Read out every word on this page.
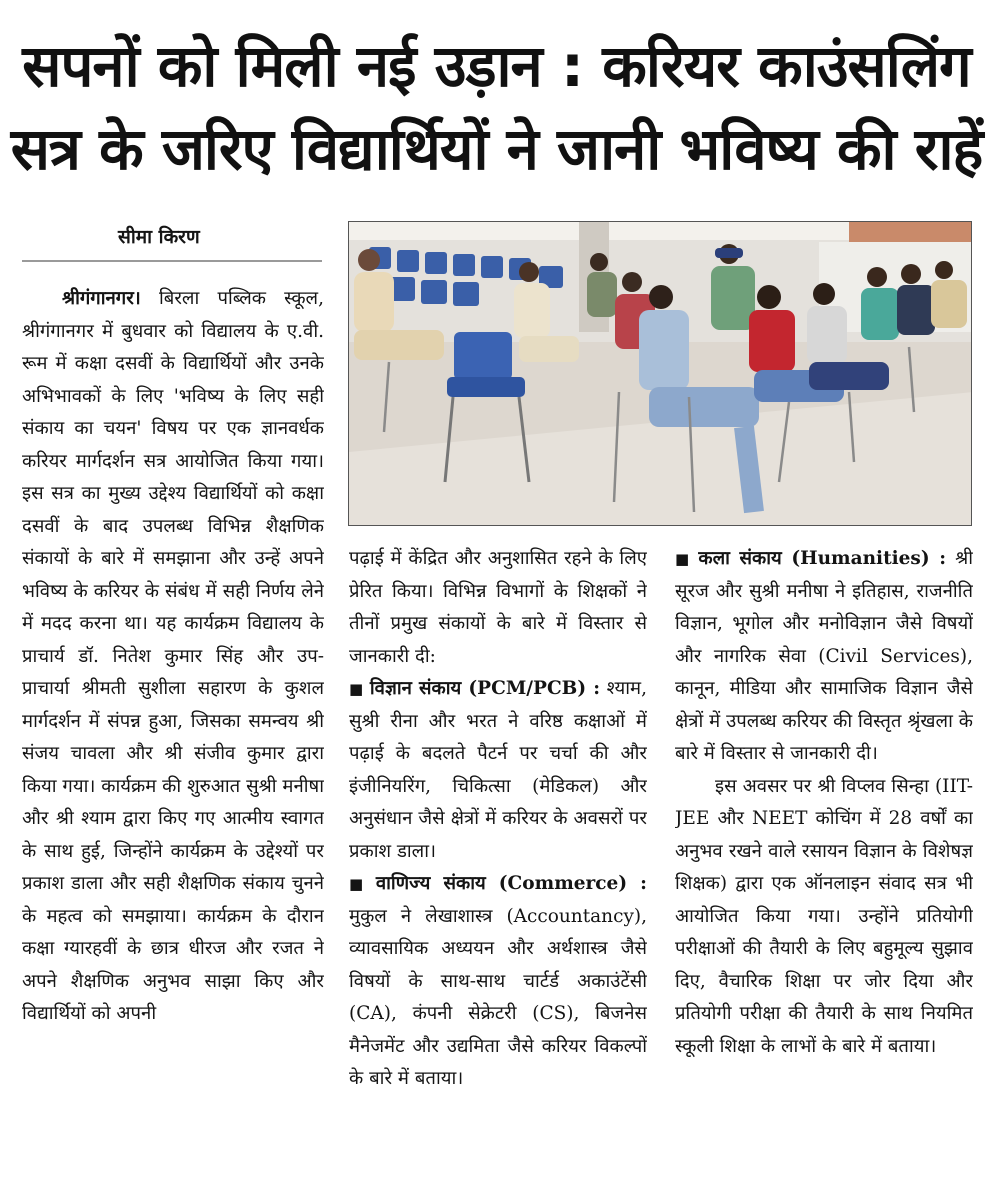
सपनों को मिली नई उड़ान : करियर काउंसलिंग
सत्र के जरिए विद्यार्थियों ने जानी भविष्य की राहें
सीमा किरण

श्रीगंगानगर। बिरला पब्लिक स्कूल, श्रीगंगानगर में बुधवार को विद्यालय के ए.वी. रूम में कक्षा दसवीं के विद्यार्थियों और उनके अभिभावकों के लिए 'भविष्य के लिए सही संकाय का चयन' विषय पर एक ज्ञानवर्धक करियर मार्गदर्शन सत्र आयोजित किया गया। इस सत्र का मुख्य उद्देश्य विद्यार्थियों को कक्षा दसवीं के बाद उपलब्ध विभिन्न शैक्षणिक संकायों के बारे में समझाना और उन्हें अपने भविष्य के करियर के संबंध में सही निर्णय लेने में मदद करना था। यह कार्यक्रम विद्यालय के प्राचार्य डॉ. नितेश कुमार सिंह और उप-प्राचार्या श्रीमती सुशीला सहारण के कुशल मार्गदर्शन में संपन्न हुआ, जिसका समन्वय श्री संजय चावला और श्री संजीव कुमार द्वारा किया गया। कार्यक्रम की शुरुआत सुश्री मनीषा और श्री श्याम द्वारा किए गए आत्मीय स्वागत के साथ हुई, जिन्होंने कार्यक्रम के उद्देश्यों पर प्रकाश डाला और सही शैक्षणिक संकाय चुनने के महत्व को समझाया। कार्यक्रम के दौरान कक्षा ग्यारहवीं के छात्र धीरज और रजत ने अपने शैक्षणिक अनुभव साझा किए और विद्यार्थियों को अपनी

पढ़ाई में केंद्रित और अनुशासित रहने के लिए प्रेरित किया। विभिन्न विभागों के शिक्षकों ने तीनों प्रमुख संकायों के बारे में विस्तार से जानकारी दी:

■ विज्ञान संकाय (PCM/PCB) : श्याम, सुश्री रीना और भरत ने वरिष्ठ कक्षाओं में पढ़ाई के बदलते पैटर्न पर चर्चा की और इंजीनियरिंग, चिकित्सा (मेडिकल) और अनुसंधान जैसे क्षेत्रों में करियर के अवसरों पर प्रकाश डाला।

■ वाणिज्य संकाय (Commerce) : मुकुल ने लेखाशास्त्र (Accountancy), व्यावसायिक अध्ययन और अर्थशास्त्र जैसे विषयों के साथ-साथ चार्टर्ड अकाउंटेंसी (CA), कंपनी सेक्रेटरी (CS), बिजनेस मैनेजमेंट और उद्यमिता जैसे करियर विकल्पों के बारे में बताया।

■ कला संकाय (Humanities) : श्री सूरज और सुश्री मनीषा ने इतिहास, राजनीति विज्ञान, भूगोल और मनोविज्ञान जैसे विषयों और नागरिक सेवा (Civil Services), कानून, मीडिया और सामाजिक विज्ञान जैसे क्षेत्रों में उपलब्ध करियर की विस्तृत श्रृंखला के बारे में विस्तार से जानकारी दी।

इस अवसर पर श्री विप्लव सिन्हा (IIT-JEE और NEET कोचिंग में 28 वर्षों का अनुभव रखने वाले रसायन विज्ञान के विशेषज्ञ शिक्षक) द्वारा एक ऑनलाइन संवाद सत्र भी आयोजित किया गया। उन्होंने प्रतियोगी परीक्षाओं की तैयारी के लिए बहुमूल्य सुझाव दिए, वैचारिक शिक्षा पर जोर दिया और प्रतियोगी परीक्षा की तैयारी के साथ नियमित स्कूली शिक्षा के लाभों के बारे में बताया।
